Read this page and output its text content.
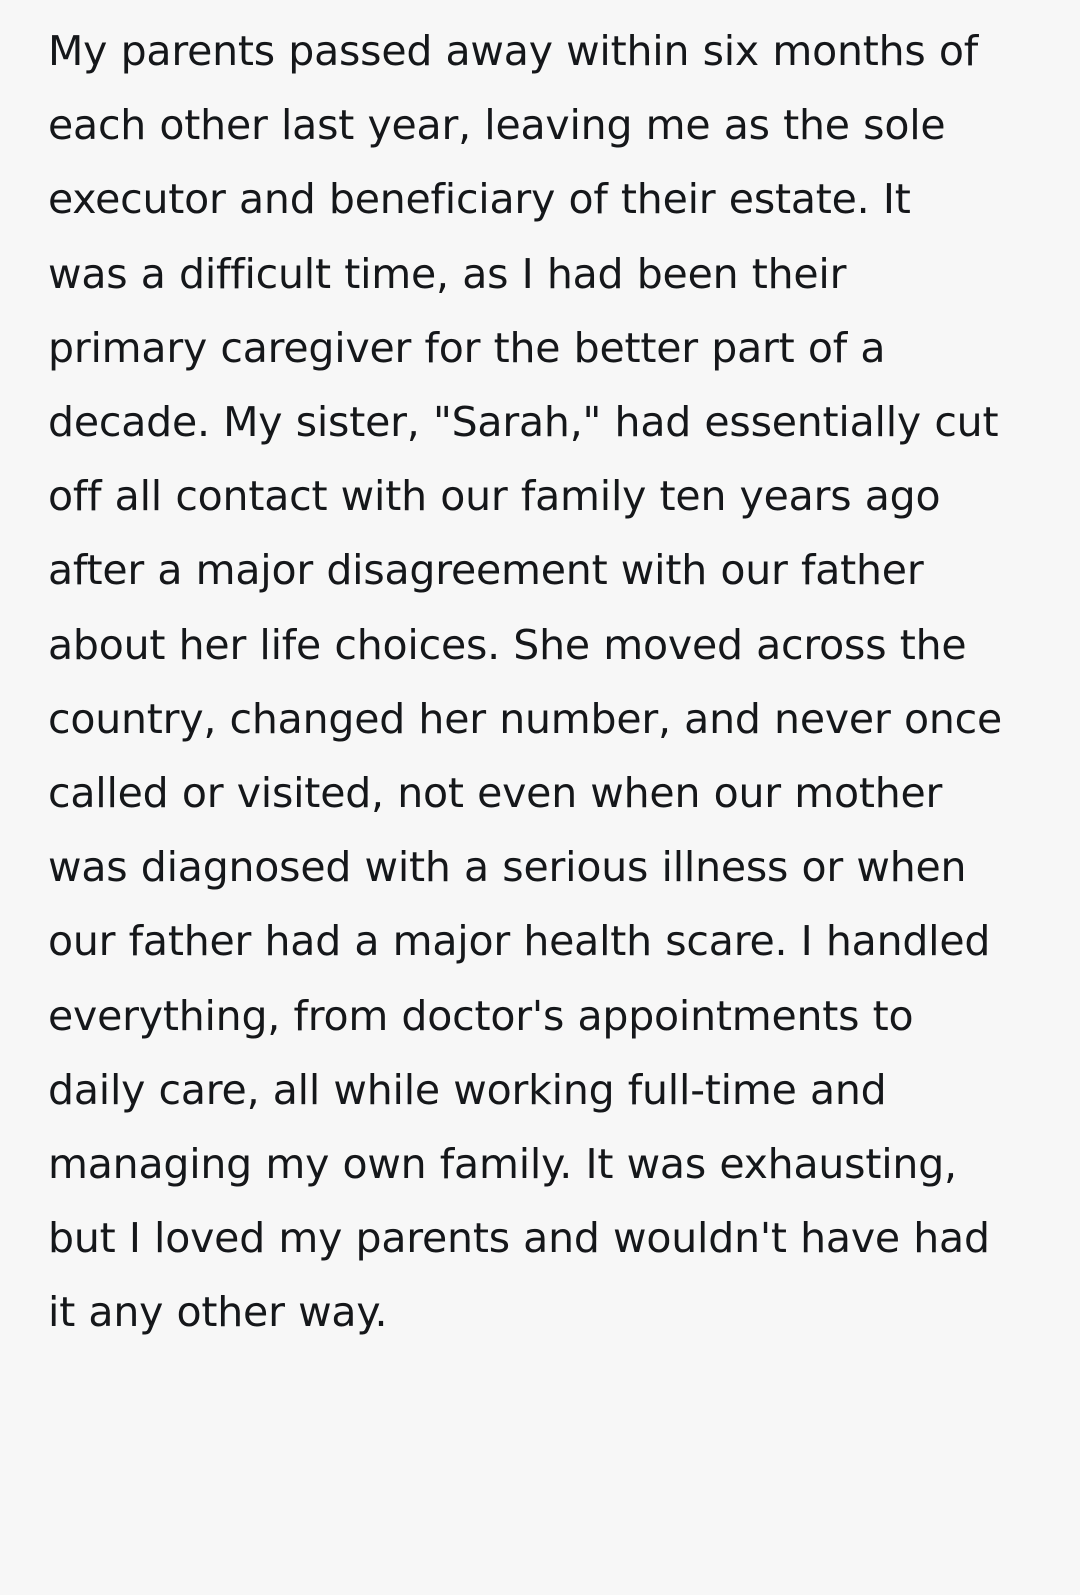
My parents passed away within six months of each other last year, leaving me as the sole executor and beneficiary of their estate. It was a difficult time, as I had been their primary caregiver for the better part of a decade. My sister, "Sarah," had essentially cut off all contact with our family ten years ago after a major disagreement with our father about her life choices. She moved across the country, changed her number, and never once called or visited, not even when our mother was diagnosed with a serious illness or when our father had a major health scare. I handled everything, from doctor's appointments to daily care, all while working full-time and managing my own family. It was exhausting, but I loved my parents and wouldn't have had it any other way.
